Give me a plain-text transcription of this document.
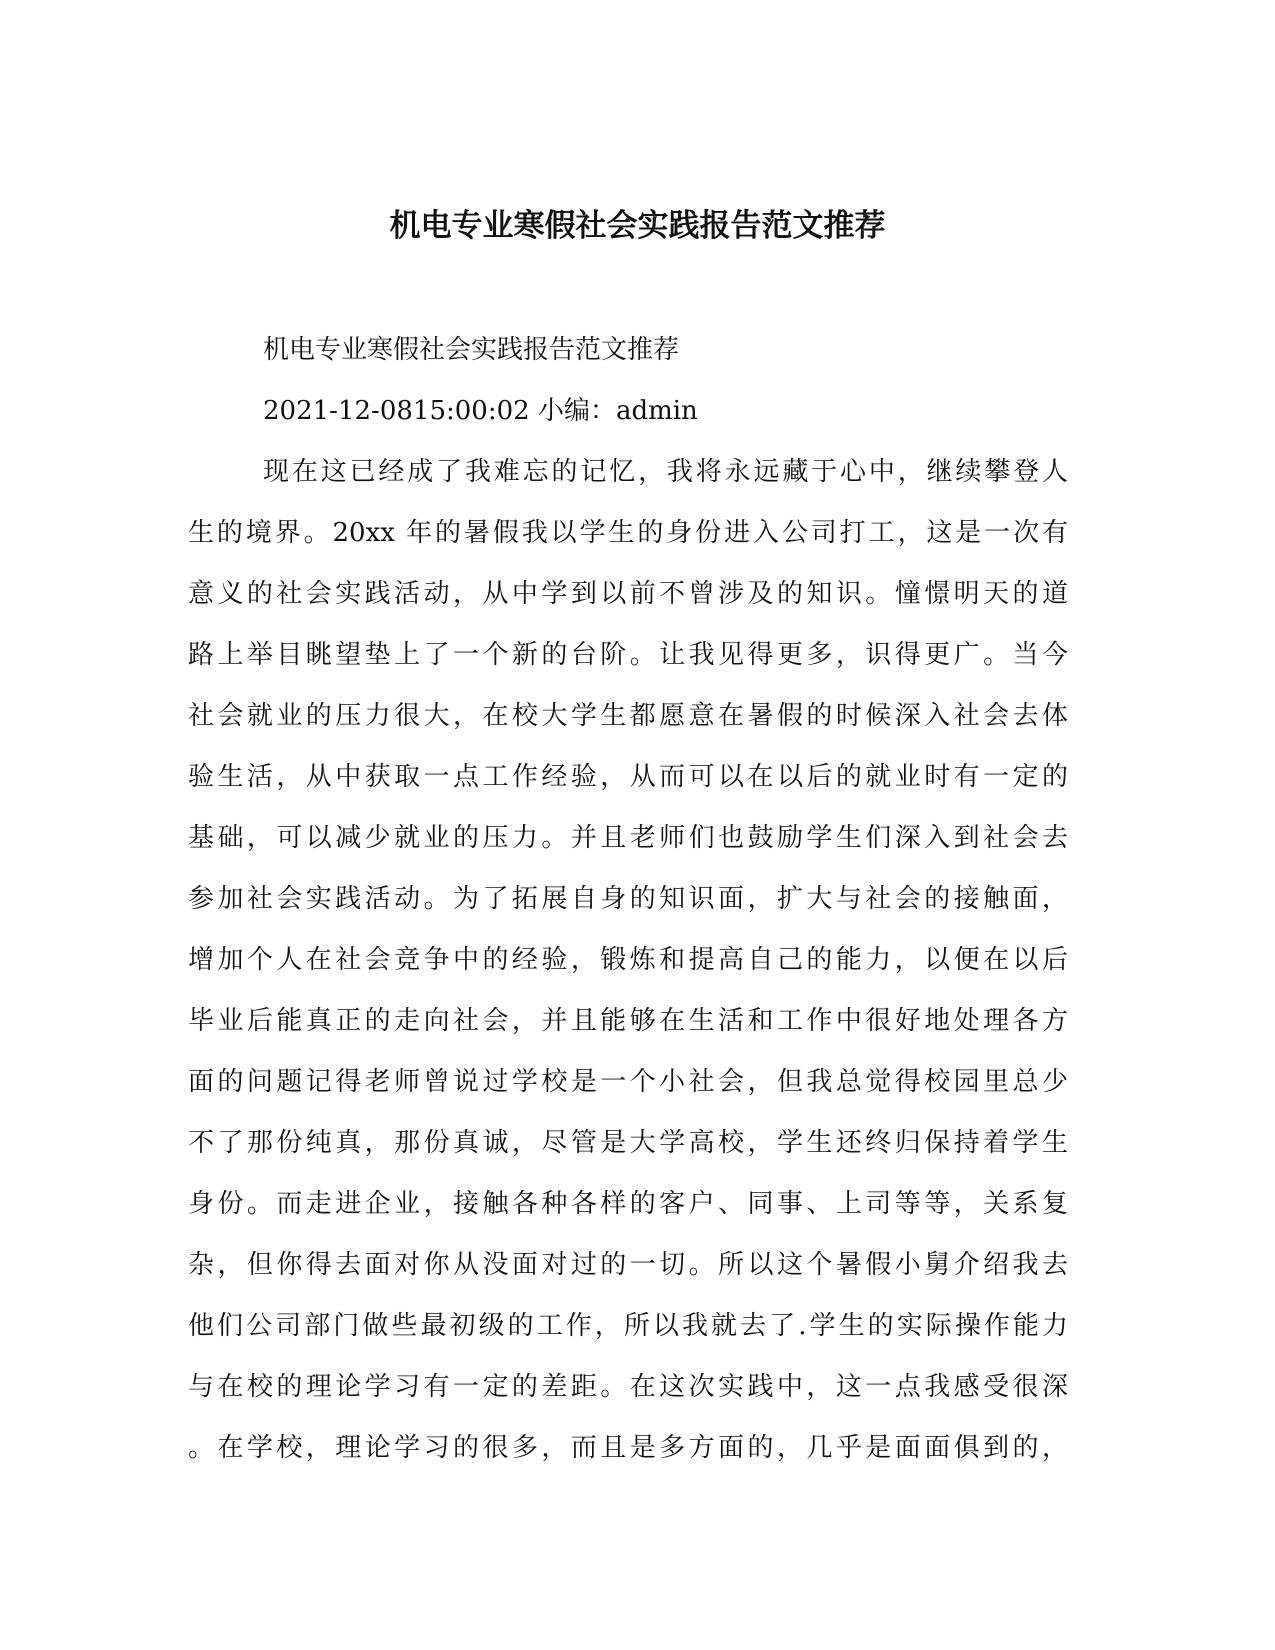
机电专业寒假社会实践报告范文推荐
机电专业寒假社会实践报告范文推荐
2021-12-0815:00:02 小编：admin
现在这已经成了我难忘的记忆，我将永远藏于心中，继续攀登人
生的境界。20xx 年的暑假我以学生的身份进入公司打工，这是一次有
意义的社会实践活动，从中学到以前不曾涉及的知识。憧憬明天的道
路上举目眺望垫上了一个新的台阶。让我见得更多，识得更广。当今
社会就业的压力很大，在校大学生都愿意在暑假的时候深入社会去体
验生活，从中获取一点工作经验，从而可以在以后的就业时有一定的
基础，可以减少就业的压力。并且老师们也鼓励学生们深入到社会去
参加社会实践活动。为了拓展自身的知识面，扩大与社会的接触面，
增加个人在社会竞争中的经验，锻炼和提高自己的能力，以便在以后
毕业后能真正的走向社会，并且能够在生活和工作中很好地处理各方
面的问题记得老师曾说过学校是一个小社会，但我总觉得校园里总少
不了那份纯真，那份真诚，尽管是大学高校，学生还终归保持着学生
身份。而走进企业，接触各种各样的客户、同事、上司等等，关系复
杂，但你得去面对你从没面对过的一切。所以这个暑假小舅介绍我去
他们公司部门做些最初级的工作，所以我就去了.学生的实际操作能力
与在校的理论学习有一定的差距。在这次实践中，这一点我感受很深
。在学校，理论学习的很多，而且是多方面的，几乎是面面俱到的，
